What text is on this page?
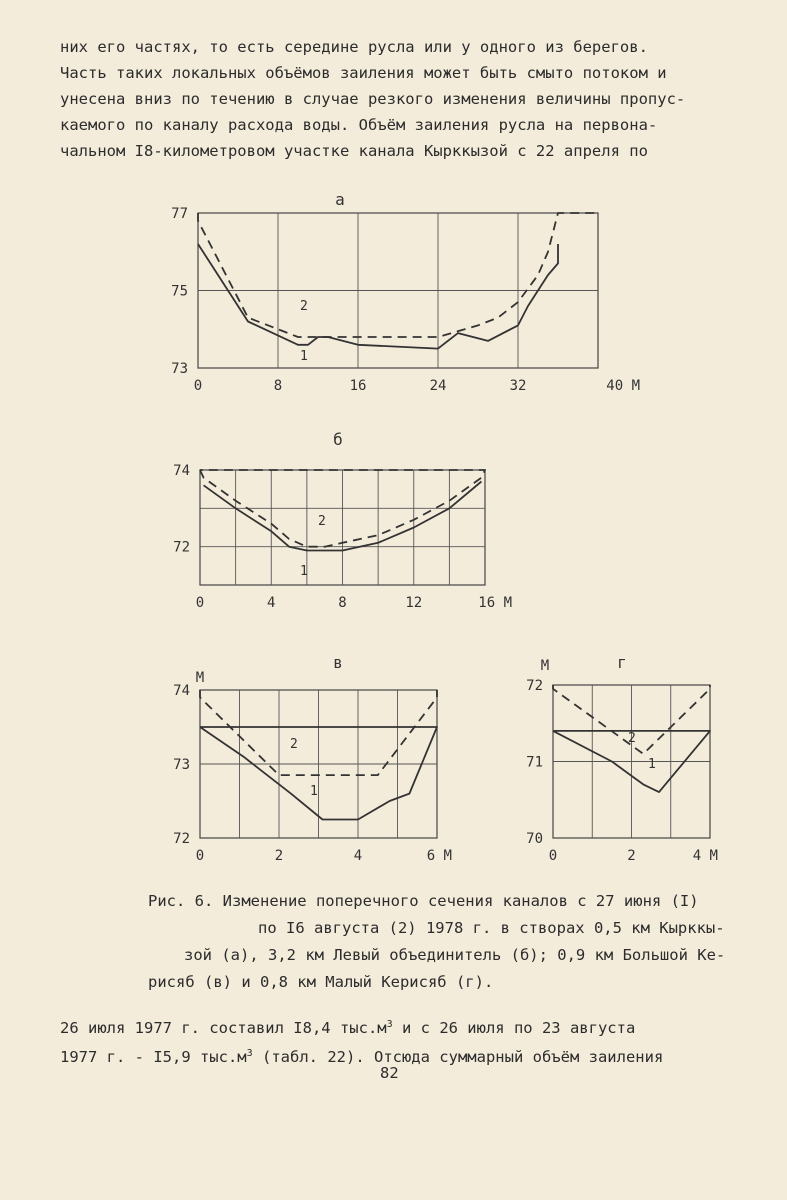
них его частях, то есть середине русла или у одного из берегов.
Часть таких локальных объёмов заиления может быть смыто потоком и
унесена вниз по течению в случае резкого изменения величины пропус-
каемого по каналу расхода воды. Объём заиления русла на первона-
чальном I8-километровом участке канала Кырккызой с 22 апреля по
а
0	8	16	24	32	40 М
73
75
77
1
2
б
0	4	8	12	16 М
72
74
1
2
в
0	2	4	6 М
72
73
74
М
1
2
г
0	2	4 М
70
71
72
М
1
2
Рис. 6. Изменение поперечного сечения каналов с 27 июня (I)
по I6 августа (2) 1978 г. в створах 0,5 км Кырккы-
зой (а), 3,2 км Левый объединитель (б); 0,9 км Большой Ке-
рисяб (в) и 0,8 км Малый Керисяб (г).
26 июля 1977 г. составил I8,4 $тыс.м^3$ и с 26 июля по 23 августа
1977 г. - I5,9 $тыс.м^3$ (табл. 22). Отсюда суммарный объём заиления
82
